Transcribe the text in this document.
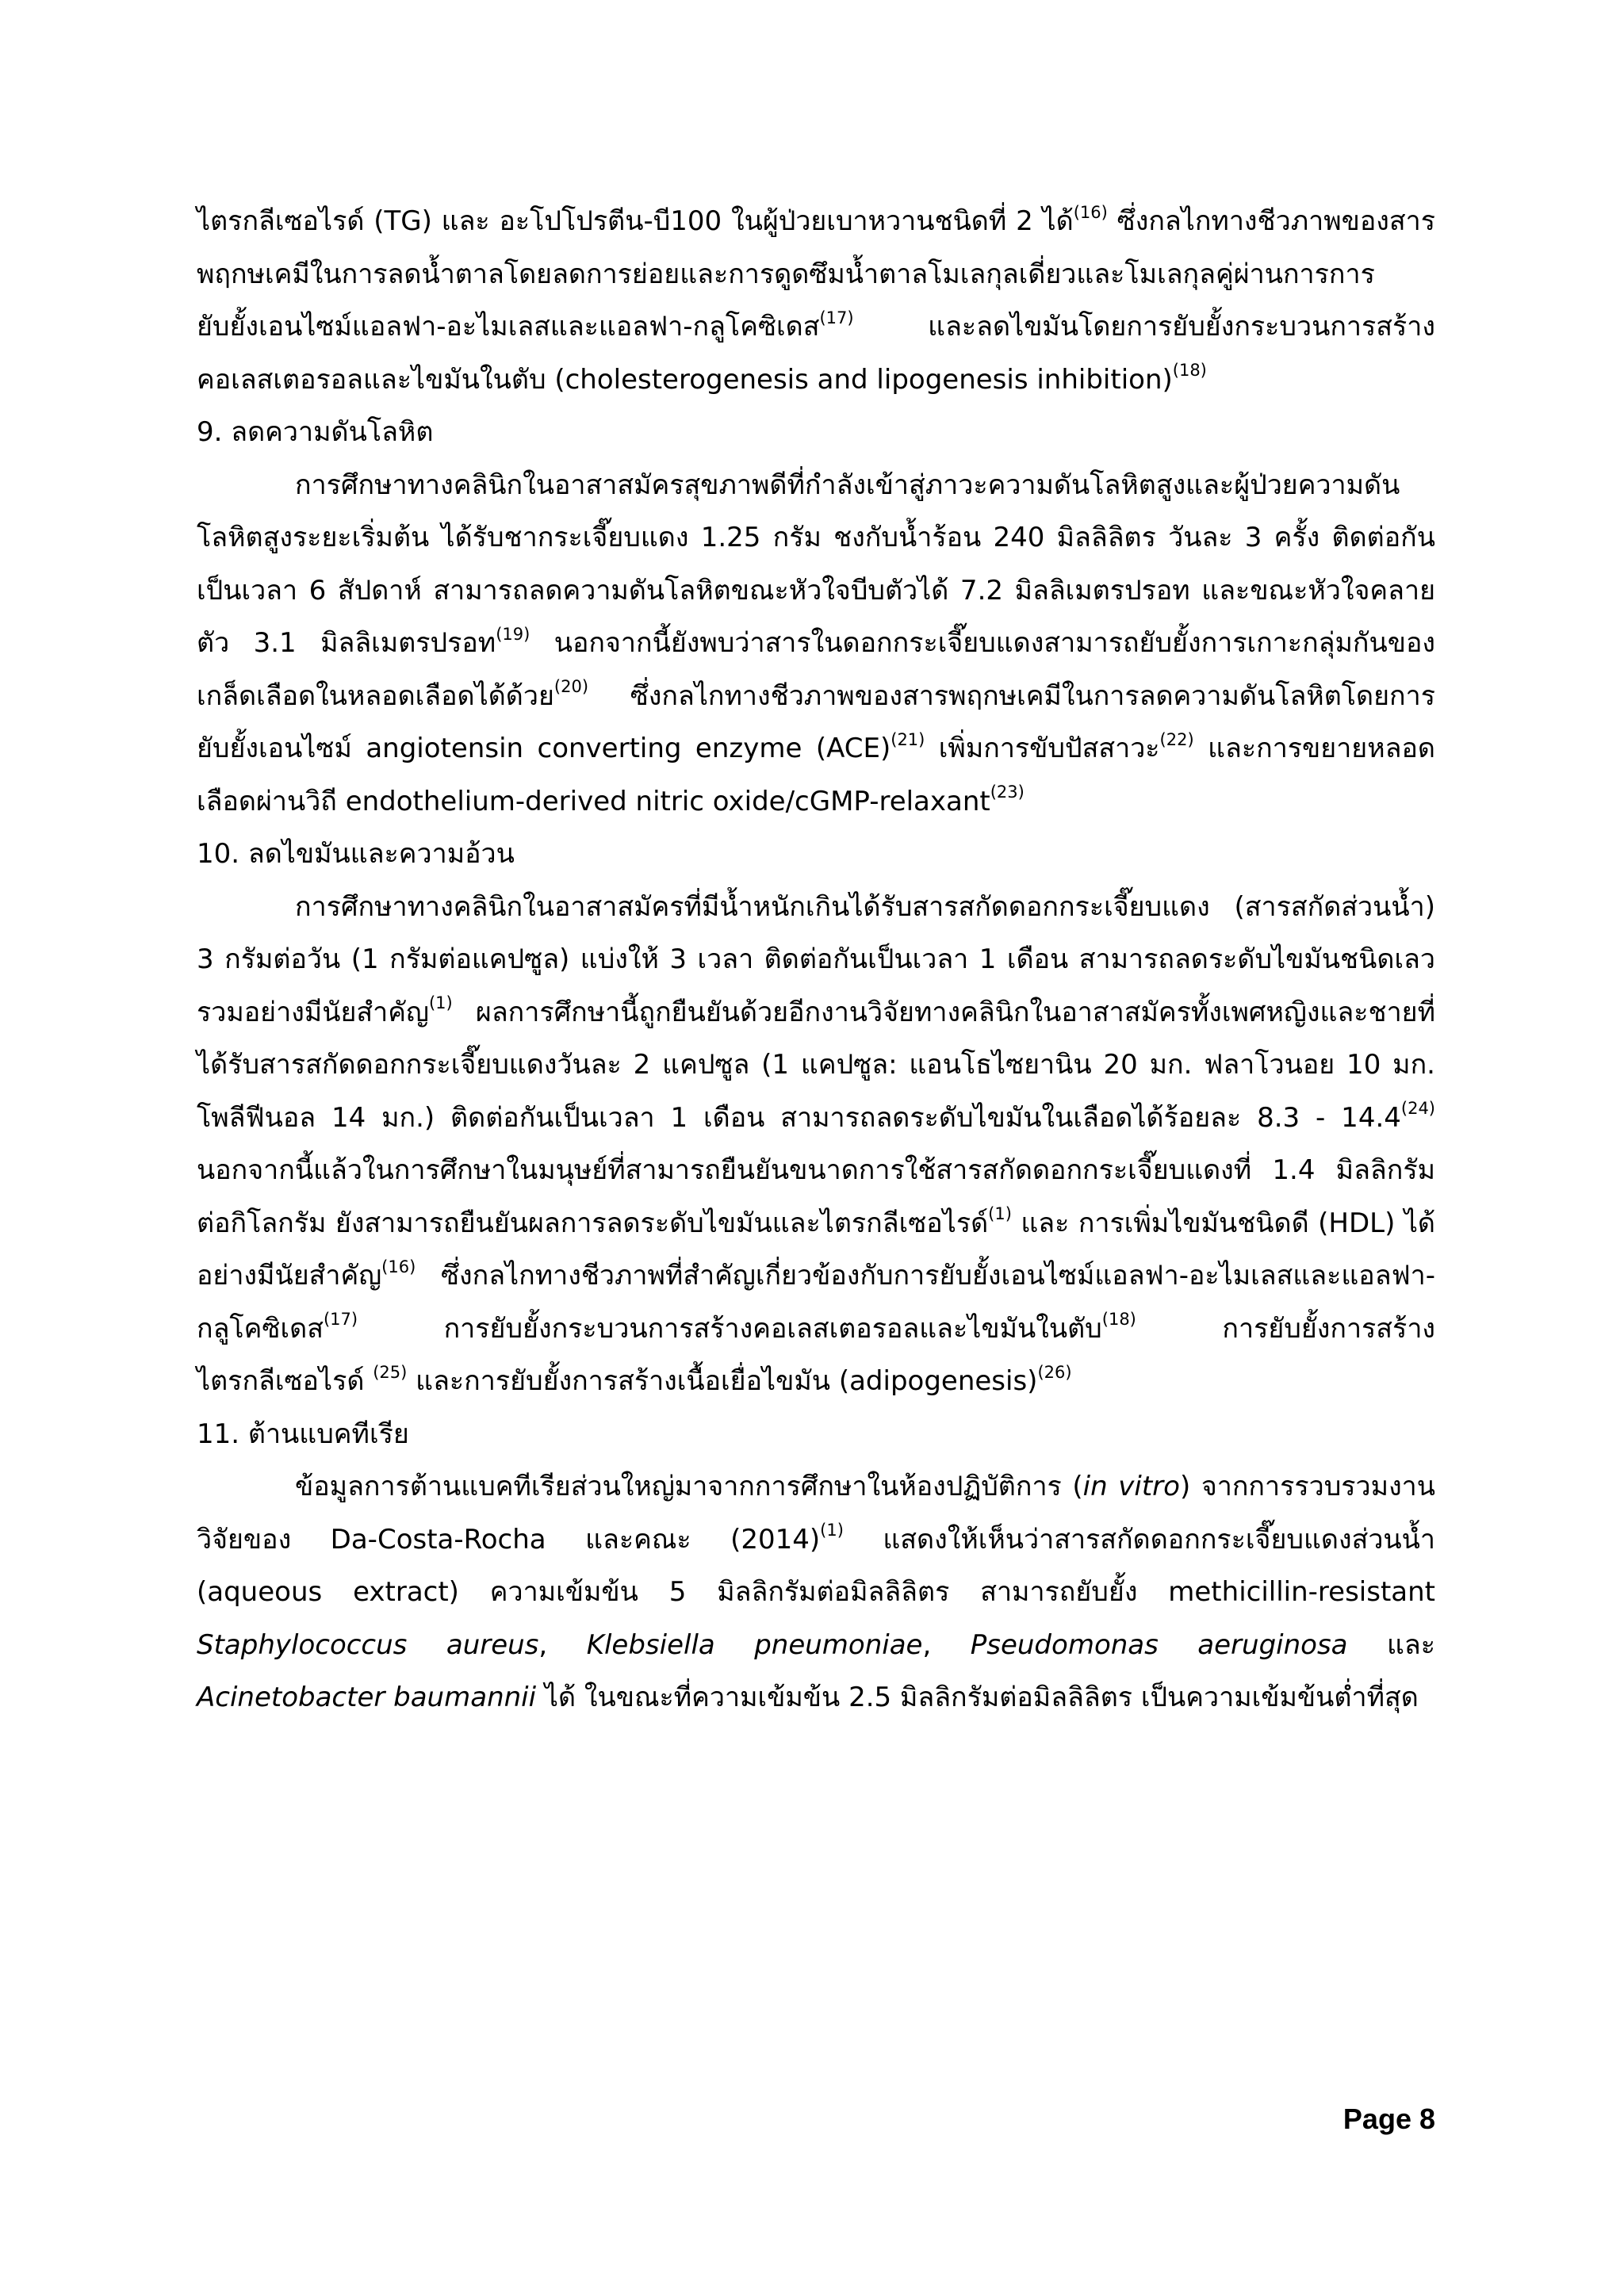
ไตรกลีเซอไรด์ (TG) และ อะโปโปรตีน-บี100 ในผู้ป่วยเบาหวานชนิดที่ 2 ได้$^{(16)}$ ซึ่งกลไกทางชีวภาพของสารพฤกษเคมีในการลดน้ำตาลโดยลดการย่อยและการดูดซึมน้ำตาลโมเลกุลเดี่ยวและโมเลกุลคู่ผ่านการการยับยั้งเอนไซม์แอลฟา-อะไมเลสและแอลฟา-กลูโคซิเดส$^{(17)}$ และลดไขมันโดยการยับยั้งกระบวนการสร้างคอเลสเตอรอลและไขมันในตับ (cholesterogenesis and lipogenesis inhibition)$^{(18)}$

9. ลดความดันโลหิต

การศึกษาทางคลินิกในอาสาสมัครสุขภาพดีที่กำลังเข้าสู่ภาวะความดันโลหิตสูงและผู้ป่วยความดันโลหิตสูงระยะเริ่มต้น ได้รับชากระเจี๊ยบแดง 1.25 กรัม ชงกับน้ำร้อน 240 มิลลิลิตร วันละ 3 ครั้ง ติดต่อกันเป็นเวลา 6 สัปดาห์ สามารถลดความดันโลหิตขณะหัวใจบีบตัวได้ 7.2 มิลลิเมตรปรอท และขณะหัวใจคลายตัว 3.1 มิลลิเมตรปรอท$^{(19)}$ นอกจากนี้ยังพบว่าสารในดอกกระเจี๊ยบแดงสามารถยับยั้งการเกาะกลุ่มกันของเกล็ดเลือดในหลอดเลือดได้ด้วย$^{(20)}$ ซึ่งกลไกทางชีวภาพของสารพฤกษเคมีในการลดความดันโลหิตโดยการยับยั้งเอนไซม์ angiotensin converting enzyme (ACE)$^{(21)}$ เพิ่มการขับปัสสาวะ$^{(22)}$ และการขยายหลอดเลือดผ่านวิถี endothelium-derived nitric oxide/cGMP-relaxant$^{(23)}$

10. ลดไขมันและความอ้วน

การศึกษาทางคลินิกในอาสาสมัครที่มีน้ำหนักเกินได้รับสารสกัดดอกกระเจี๊ยบแดง (สารสกัดส่วนน้ำ) 3 กรัมต่อวัน (1 กรัมต่อแคปซูล) แบ่งให้ 3 เวลา ติดต่อกันเป็นเวลา 1 เดือน สามารถลดระดับไขมันชนิดเลวรวมอย่างมีนัยสำคัญ$^{(1)}$ ผลการศึกษานี้ถูกยืนยันด้วยอีกงานวิจัยทางคลินิกในอาสาสมัครทั้งเพศหญิงและชายที่ได้รับสารสกัดดอกกระเจี๊ยบแดงวันละ 2 แคปซูล (1 แคปซูล: แอนโธไซยานิน 20 มก. ฟลาโวนอย 10 มก. โพลีฟีนอล 14 มก.) ติดต่อกันเป็นเวลา 1 เดือน สามารถลดระดับไขมันในเลือดได้ร้อยละ 8.3 - 14.4$^{(24)}$ นอกจากนี้แล้วในการศึกษาในมนุษย์ที่สามารถยืนยันขนาดการใช้สารสกัดดอกกระเจี๊ยบแดงที่ 1.4 มิลลิกรัมต่อกิโลกรัม ยังสามารถยืนยันผลการลดระดับไขมันและไตรกลีเซอไรด์$^{(1)}$ และ การเพิ่มไขมันชนิดดี (HDL) ได้อย่างมีนัยสำคัญ$^{(16)}$ ซึ่งกลไกทางชีวภาพที่สำคัญเกี่ยวข้องกับการยับยั้งเอนไซม์แอลฟา-อะไมเลสและแอลฟา-กลูโคซิเดส$^{(17)}$ การยับยั้งกระบวนการสร้างคอเลสเตอรอลและไขมันในตับ$^{(18)}$ การยับยั้งการสร้างไตรกลีเซอไรด์ $^{(25)}$ และการยับยั้งการสร้างเนื้อเยื่อไขมัน (adipogenesis)$^{(26)}$

11. ต้านแบคทีเรีย

ข้อมูลการต้านแบคทีเรียส่วนใหญ่มาจากการศึกษาในห้องปฏิบัติการ (in vitro) จากการรวบรวมงานวิจัยของ Da-Costa-Rocha และคณะ $(2014)^{(1)}$ แสดงให้เห็นว่าสารสกัดดอกกระเจี๊ยบแดงส่วนน้ำ (aqueous extract) ความเข้มข้น 5 มิลลิกรัมต่อมิลลิลิตร สามารถยับยั้ง methicillin-resistant Staphylococcus aureus, Klebsiella pneumoniae, Pseudomonas aeruginosa และ Acinetobacter baumannii ได้ ในขณะที่ความเข้มข้น 2.5 มิลลิกรัมต่อมิลลิลิตร เป็นความเข้มข้นต่ำที่สุด

Page 8
